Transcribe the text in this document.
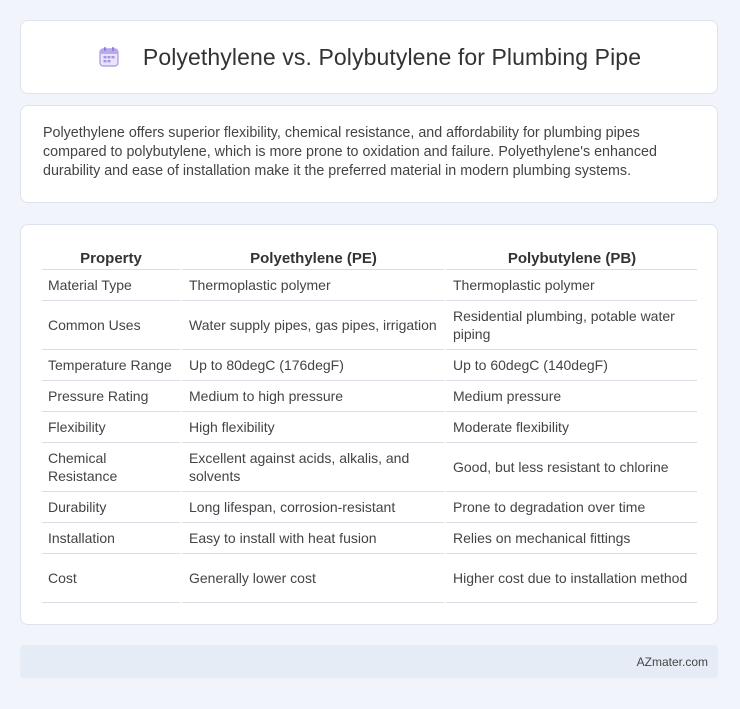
Polyethylene vs. Polybutylene for Plumbing Pipe

Polyethylene offers superior flexibility, chemical resistance, and affordability for plumbing pipes compared to polybutylene, which is more prone to oxidation and failure. Polyethylene's enhanced durability and ease of installation make it the preferred material in modern plumbing systems.

Property	Polyethylene (PE)	Polybutylene (PB)
Material Type	Thermoplastic polymer	Thermoplastic polymer
Common Uses	Water supply pipes, gas pipes, irrigation	Residential plumbing, potable water piping
Temperature Range	Up to 80degC (176degF)	Up to 60degC (140degF)
Pressure Rating	Medium to high pressure	Medium pressure
Flexibility	High flexibility	Moderate flexibility
Chemical Resistance	Excellent against acids, alkalis, and solvents	Good, but less resistant to chlorine
Durability	Long lifespan, corrosion-resistant	Prone to degradation over time
Installation	Easy to install with heat fusion	Relies on mechanical fittings
Cost	Generally lower cost	Higher cost due to installation method
AZmater.com
